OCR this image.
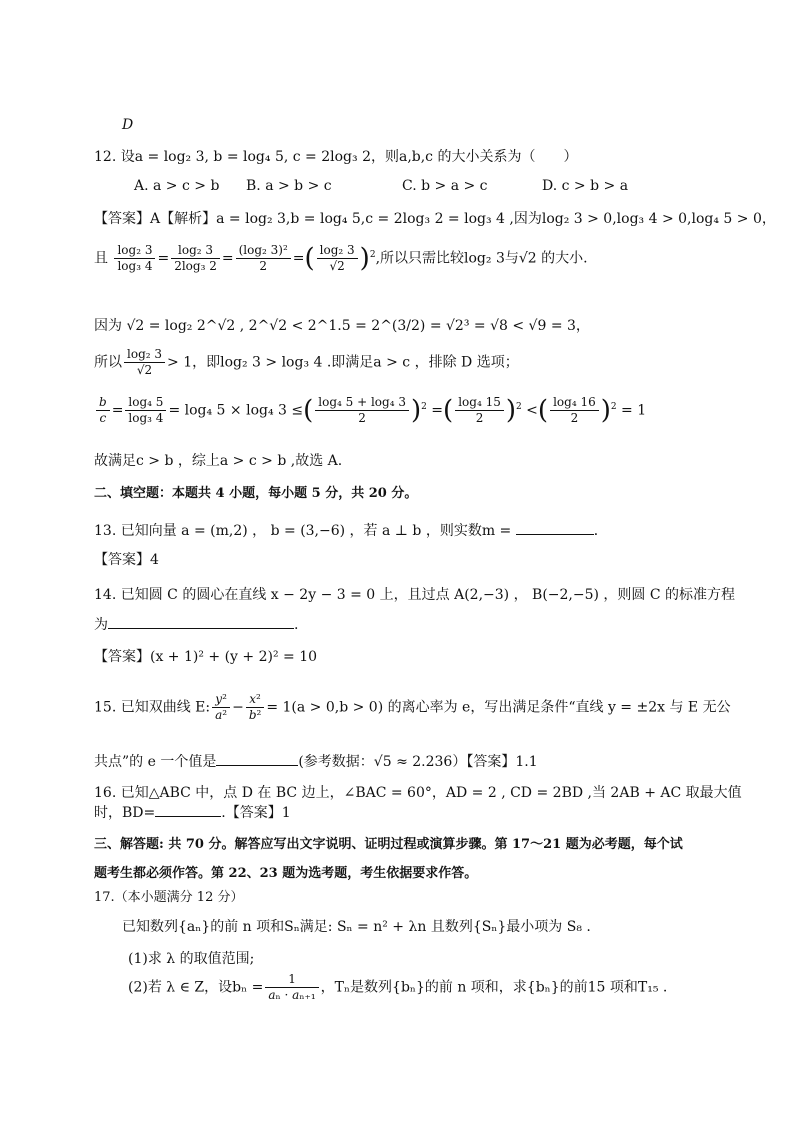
D
12. 设a = log₂ 3, b = log₄ 5, c = 2log₃ 2，则a,b,c 的大小关系为（　　）
A. a > c > b B. a > b > c	C. b > a > c	D. c > b > a
【答案】A【解析】a = log₂ 3,b = log₄ 5,c = 2log₃ 2 = log₃ 4 ,因为log₂ 3 > 0,log₃ 4 > 0,log₄ 5 > 0，
且 $\frac{\text{log₂ 3}}{\text{log₃ 4}} = \frac{\text{log₂ 3}}{\text{2log₃ 2}} = \frac{\text{(log₂ 3)²}}{2}$ =( $\frac{\text{log₂ 3}}{√2} )^2$,所以只需比较log₂ 3与√2 的大小.
因为 √2 = log₂ 2^√2 , 2^√2 < 2^1.5 = 2^(3/2) = √2³ = √8 < √9 = 3，
所以 $\frac{\text{log₂ 3}}{√2} > 1$，即log₂ 3 > log₃ 4 .即满足a > c ，排除 D 选项；
$\frac{b}{c} = \frac{\text{log₄ 5}}{\text{log₃ 4}} = \log_4$ 5 × log₄ 3 ≤( $\frac{\text{log₄ 5 + log₄ 3}}{2} )^2$ =( $\frac{\text{log₄ 15}}{2} )^2$ <( $\frac{\text{log₄ 16}}{2} )^2 = 1$
故满足c > b ，综上a > c > b ,故选 A.
二、填空题：本题共 4 小题，每小题 5 分，共 20 分。
13. 已知向量 a = (m,2) ， b = (3,−6) ，若 a ⊥ b ，则实数m =	．
【答案】4
14. 已知圆 C 的圆心在直线 x − 2y − 3 = 0 上，且过点 A(2,−3) ， B(−2,−5) ，则圆 C 的标准方程
为	.
【答案】(x + 1)² + (y + 2)² = 10
15. 已知双曲线 E: $\frac{\text{y²}}{\text{a²}} - \frac{\text{x²}}{\text{b²}} = 1(a > 0,b > 0)$ 的离心率为 e，写出满足条件“直线 y = ±2x 与 E 无公
共点”的 e 一个值是	(参考数据：√5 ≈ 2.236）【答案】1.1
16. 已知△ABC 中，点 D 在 BC 边上，∠BAC = 60°，AD = 2 , CD = 2BD ,当 2AB + AC 取最大值
时，BD=	.【答案】1
三、解答题: 共 70 分。解答应写出文字说明、证明过程或演算步骤。第 17～21 题为必考题，每个试
题考生都必须作答。第 22、23 题为选考题，考生依据要求作答。
17.（本小题满分 12 分）
已知数列{aₙ}的前 n 项和Sₙ满足: Sₙ = n² + λn 且数列{Sₙ}最小项为 S₈ .
(1)求 λ 的取值范围;
(2)若 λ ∈ Z，设$b_n = \frac{1}{\text{aₙ · aₙ₊₁}}$ ，Tₙ是数列{bₙ}的前 n 项和，求{bₙ}的前15 项和T₁₅ .
